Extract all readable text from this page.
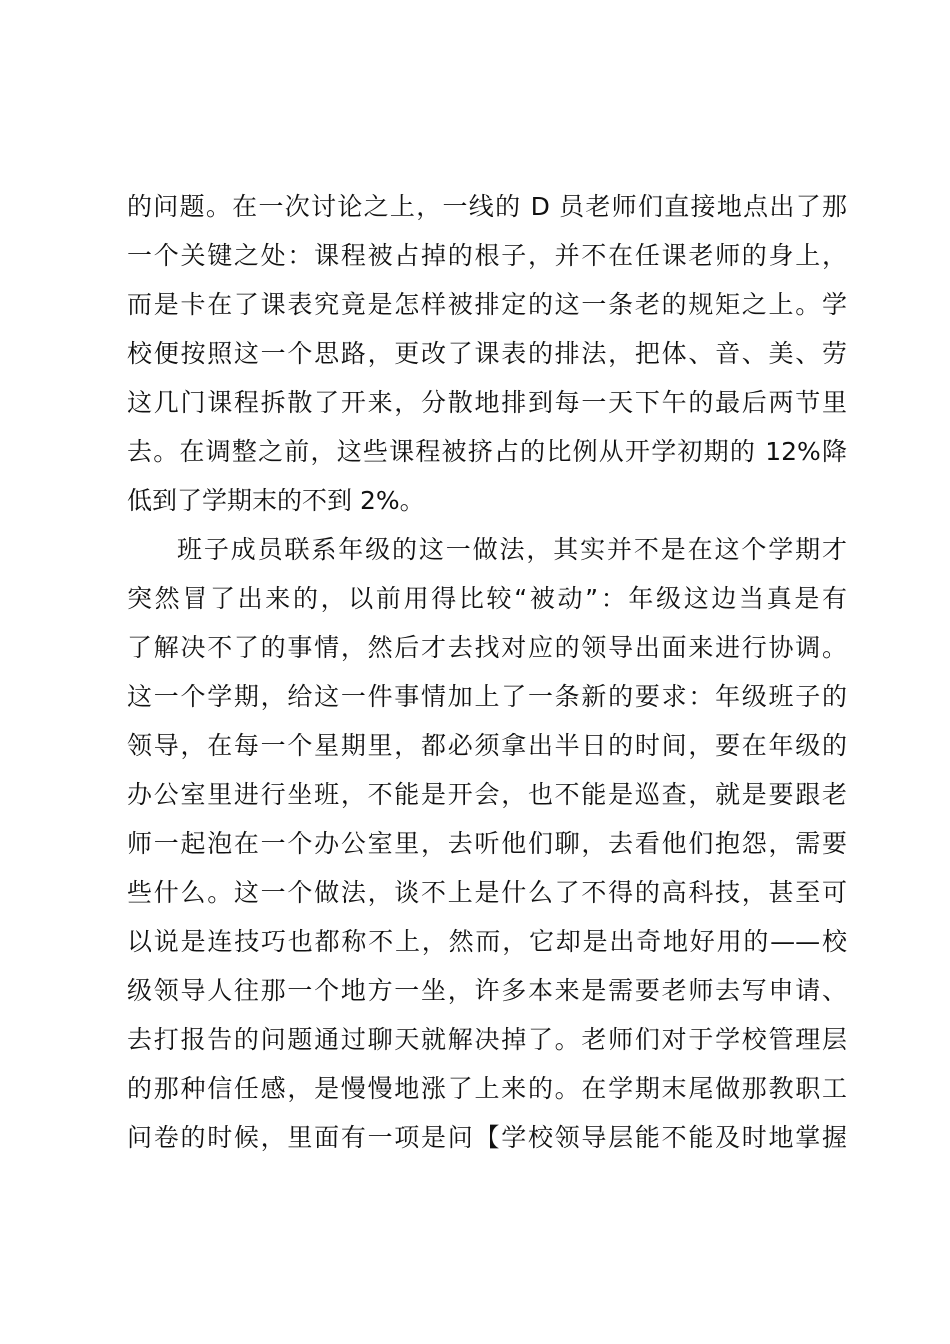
的问题。在一次讨论之上，一线的 D 员老师们直接地点出了那
一个关键之处：课程被占掉的根子，并不在任课老师的身上，
而是卡在了课表究竟是怎样被排定的这一条老的规矩之上。学
校便按照这一个思路，更改了课表的排法，把体、音、美、劳
这几门课程拆散了开来，分散地排到每一天下午的最后两节里
去。在调整之前，这些课程被挤占的比例从开学初期的 12%降
低到了学期末的不到 2%。
班子成员联系年级的这一做法，其实并不是在这个学期才
突然冒了出来的，以前用得比较“被动”：年级这边当真是有
了解决不了的事情，然后才去找对应的领导出面来进行协调。
这一个学期，给这一件事情加上了一条新的要求：年级班子的
领导，在每一个星期里，都必须拿出半日的时间，要在年级的
办公室里进行坐班，不能是开会，也不能是巡查，就是要跟老
师一起泡在一个办公室里，去听他们聊，去看他们抱怨，需要
些什么。这一个做法，谈不上是什么了不得的高科技，甚至可
以说是连技巧也都称不上，然而，它却是出奇地好用的——校
级领导人往那一个地方一坐，许多本来是需要老师去写申请、
去打报告的问题通过聊天就解决掉了。老师们对于学校管理层
的那种信任感，是慢慢地涨了上来的。在学期末尾做那教职工
问卷的时候，里面有一项是问【学校领导层能不能及时地掌握
